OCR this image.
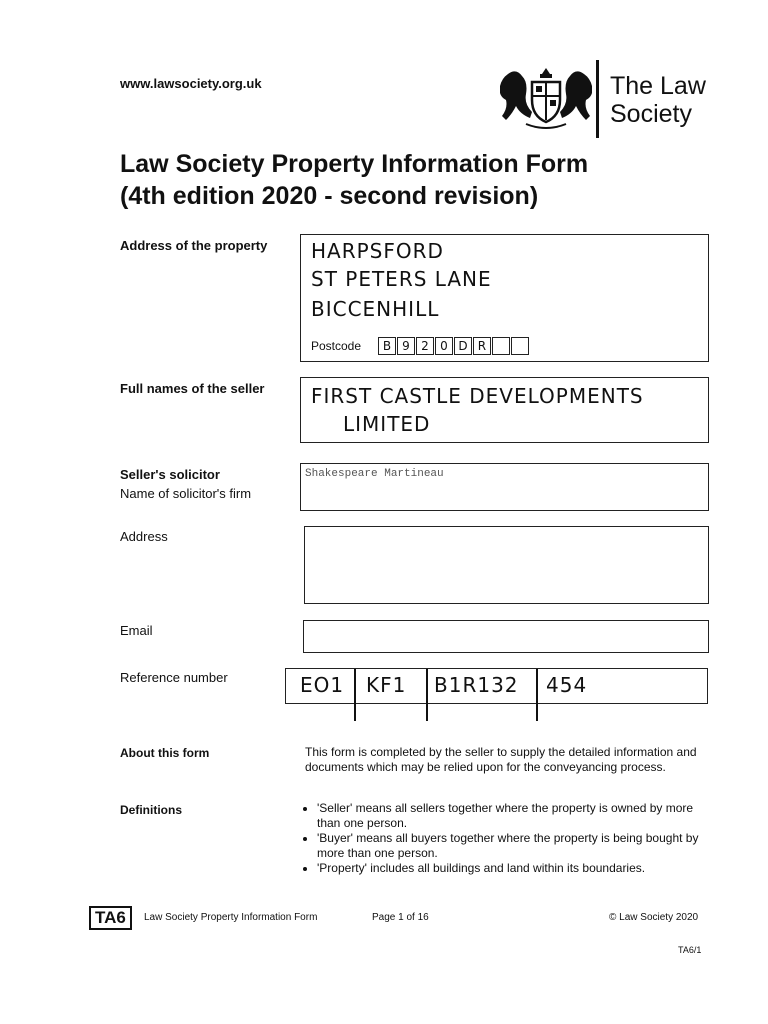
www.lawsociety.org.uk	The Law
Society
Law Society Property Information Form
(4th edition 2020 - second revision)
Address of the property HARPSFORD
ST PETERS LANE
BICCENHILL
Postcode B 9 2 0 D R
Full names of the seller FIRST CASTLE DEVELOPMENTS
LIMITED
Seller's solicitor
Name of solicitor's firm
Shakespeare Martineau
Address
Email
Reference number	EO1 KF1 B1R132 454
About this form	This form is completed by the seller to supply the detailed information and documents which may be relied upon for the conveyancing process.
Definitions
•	'Seller' means all sellers together where the property is owned by more than one person.
• 'Buyer' means all buyers together where the property is being bought by more than one person.
• 'Property' includes all buildings and land within its boundaries.
TA6	Law Society Property Information Form	Page 1 of 16	© Law Society 2020
TA6/1
